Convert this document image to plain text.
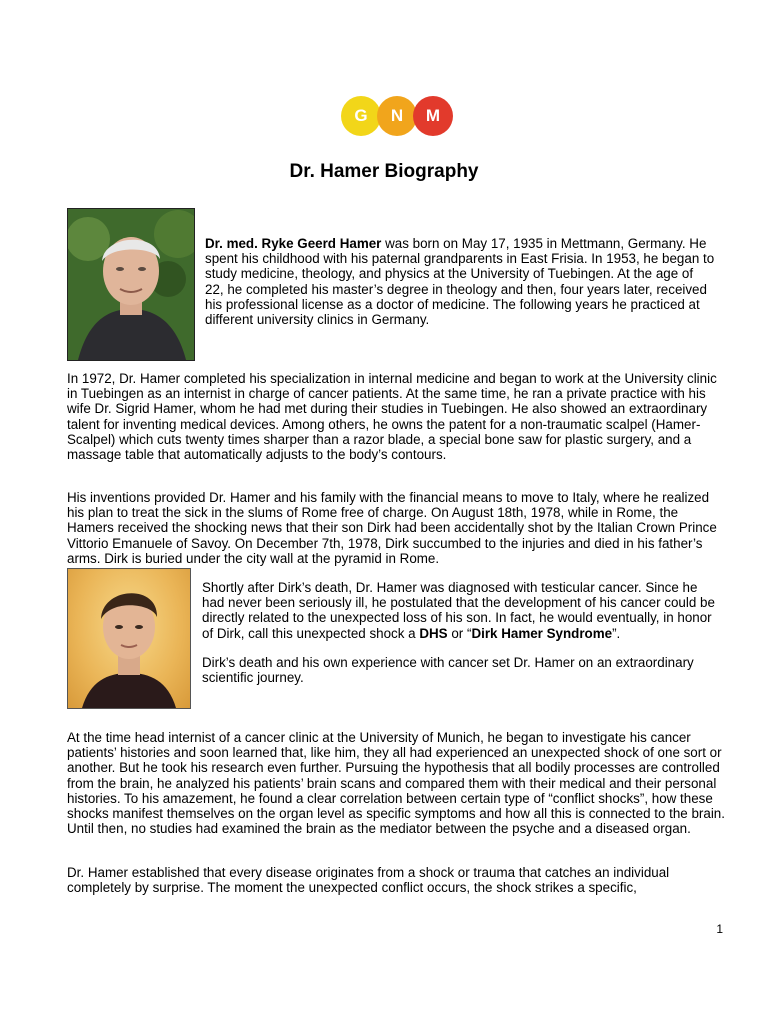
G	N	M
Dr. Hamer Biography

Dr. med. Ryke Geerd Hamer was born on May 17, 1935 in Mettmann, Germany. He spent his childhood with his paternal grandparents in East Frisia. In 1953, he began to study medicine, theology, and physics at the University of Tuebingen. At the age of 22, he completed his master’s degree in theology and then, four years later, received his professional license as a doctor of medicine. The following years he practiced at different university clinics in Germany.

In 1972, Dr. Hamer completed his specialization in internal medicine and began to work at the University clinic in Tuebingen as an internist in charge of cancer patients. At the same time, he ran a private practice with his wife Dr. Sigrid Hamer, whom he had met during their studies in Tuebingen. He also showed an extraordinary talent for inventing medical devices. Among others, he owns the patent for a non-traumatic scalpel (Hamer-Scalpel) which cuts twenty times sharper than a razor blade, a special bone saw for plastic surgery, and a massage table that automatically adjusts to the body’s contours.

His inventions provided Dr. Hamer and his family with the financial means to move to Italy, where he realized his plan to treat the sick in the slums of Rome free of charge. On August 18th, 1978, while in Rome, the Hamers received the shocking news that their son Dirk had been accidentally shot by the Italian Crown Prince Vittorio Emanuele of Savoy. On December 7th, 1978, Dirk succumbed to the injuries and died in his father’s arms. Dirk is buried under the city wall at the pyramid in Rome.

Shortly after Dirk’s death, Dr. Hamer was diagnosed with testicular cancer. Since he had never been seriously ill, he postulated that the development of his cancer could be directly related to the unexpected loss of his son. In fact, he would eventually, in honor of Dirk, call this unexpected shock a DHS or “Dirk Hamer Syndrome”.

Dirk’s death and his own experience with cancer set Dr. Hamer on an extraordinary scientific journey.

At the time head internist of a cancer clinic at the University of Munich, he began to investigate his cancer patients’ histories and soon learned that, like him, they all had experienced an unexpected shock of one sort or another. But he took his research even further. Pursuing the hypothesis that all bodily processes are controlled from the brain, he analyzed his patients’ brain scans and compared them with their medical and their personal histories. To his amazement, he found a clear correlation between certain type of “conflict shocks”, how these shocks manifest themselves on the organ level as specific symptoms and how all this is connected to the brain. Until then, no studies had examined the brain as the mediator between the psyche and a diseased organ.

Dr. Hamer established that every disease originates from a shock or trauma that catches an individual completely by surprise. The moment the unexpected conflict occurs, the shock strikes a specific,

1
